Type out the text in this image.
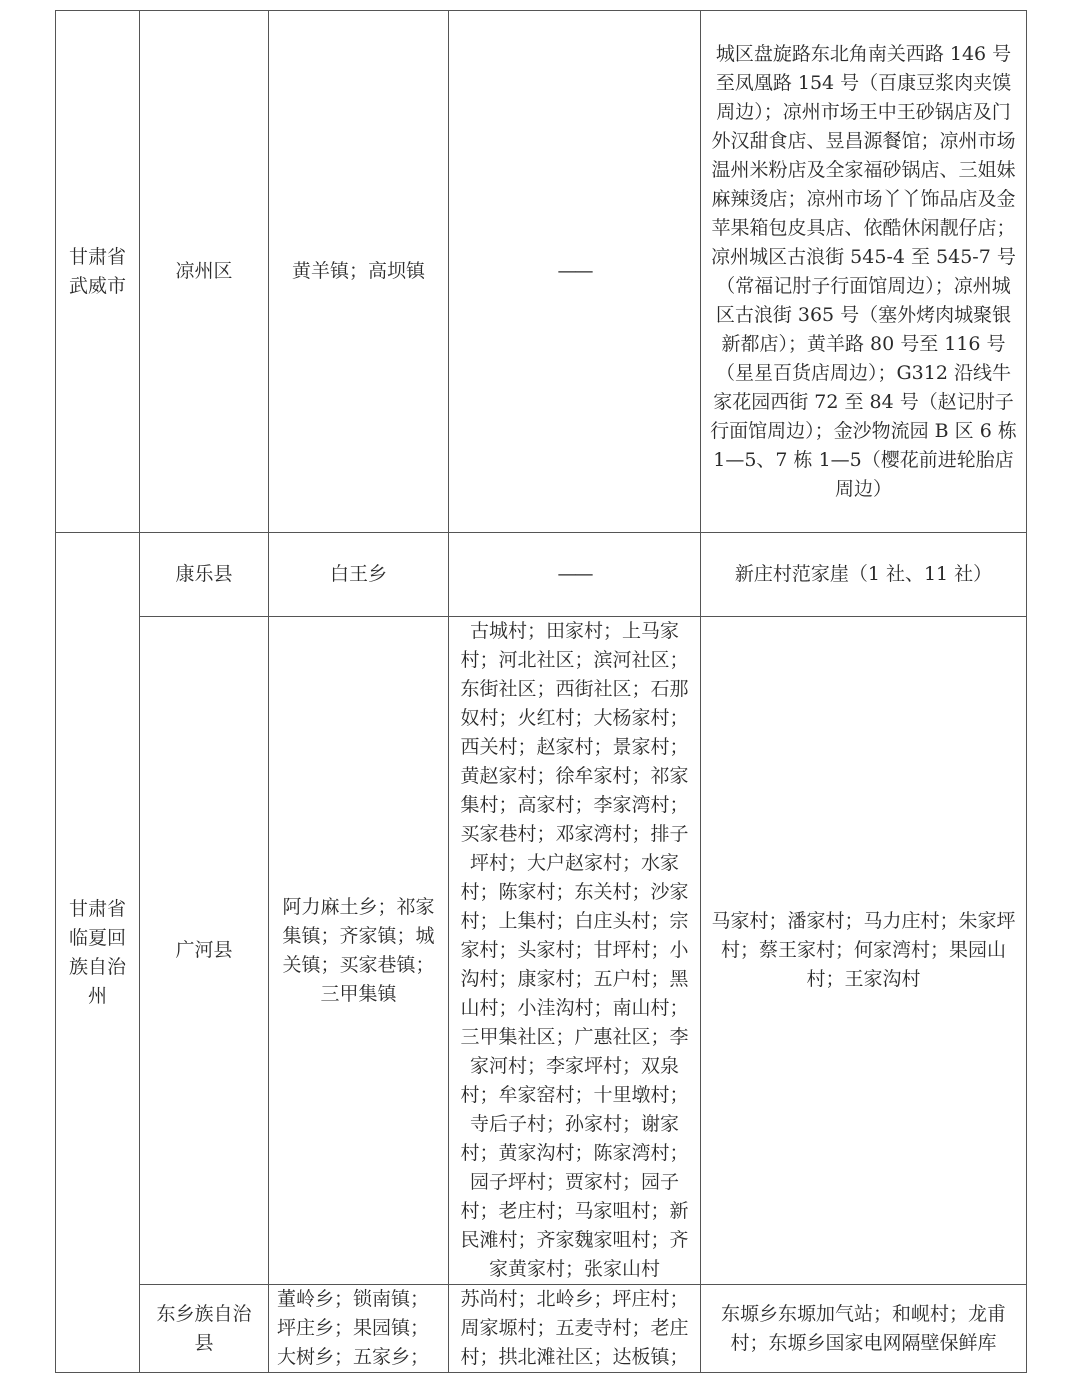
甘肃省武威市	凉州区	黄羊镇；高坝镇	——	城区盘旋路东北角南关西路 146 号至凤凰路 154 号（百康豆浆肉夹馍周边）；凉州市场王中王砂锅店及门外汉甜食店、昱昌源餐馆；凉州市场温州米粉店及全家福砂锅店、三姐妹麻辣烫店；凉州市场丫丫饰品店及金苹果箱包皮具店、依酷休闲靓仔店；凉州城区古浪街 545-4 至 545-7 号（常福记肘子行面馆周边）；凉州城区古浪街 365 号（塞外烤肉城聚银新都店）；黄羊路 80 号至 116 号（星星百货店周边）；G312 沿线牛家花园西街 72 至 84 号（赵记肘子行面馆周边）；金沙物流园 B 区 6 栋 1—5、7 栋 1—5（樱花前进轮胎店周边）

甘肃省临夏回族自治州	康乐县	白王乡	——	新庄村范家崖（1 社、11 社）

	广河县	阿力麻土乡；祁家集镇；齐家镇；城关镇；买家巷镇；三甲集镇	古城村；田家村；上马家村；河北社区；滨河社区；东街社区；西街社区；石那奴村；火红村；大杨家村；西关村；赵家村；景家村；黄赵家村；徐牟家村；祁家集村；高家村；李家湾村；买家巷村；邓家湾村；排子坪村；大户赵家村；水家村；陈家村；东关村；沙家村；上集村；白庄头村；宗家村；头家村；甘坪村；小沟村；康家村；五户村；黑山村；小洼沟村；南山村；三甲集社区；广惠社区；李家河村；李家坪村；双泉村；牟家窑村；十里墩村；寺后子村；孙家村；谢家村；黄家沟村；陈家湾村；园子坪村；贾家村；园子村；老庄村；马家咀村；新民滩村；齐家魏家咀村；齐家黄家村；张家山村	马家村；潘家村；马力庄村；朱家坪村；蔡王家村；何家湾村；果园山村；王家沟村

	东乡族自治县	董岭乡；锁南镇；坪庄乡；果园镇；大树乡；五家乡；	苏尚村；北岭乡；坪庄村；周家塬村；五麦寺村；老庄村；拱北滩社区；达板镇；	东塬乡东塬加气站；和岘村；龙甫村；东塬乡国家电网隔壁保鲜库
